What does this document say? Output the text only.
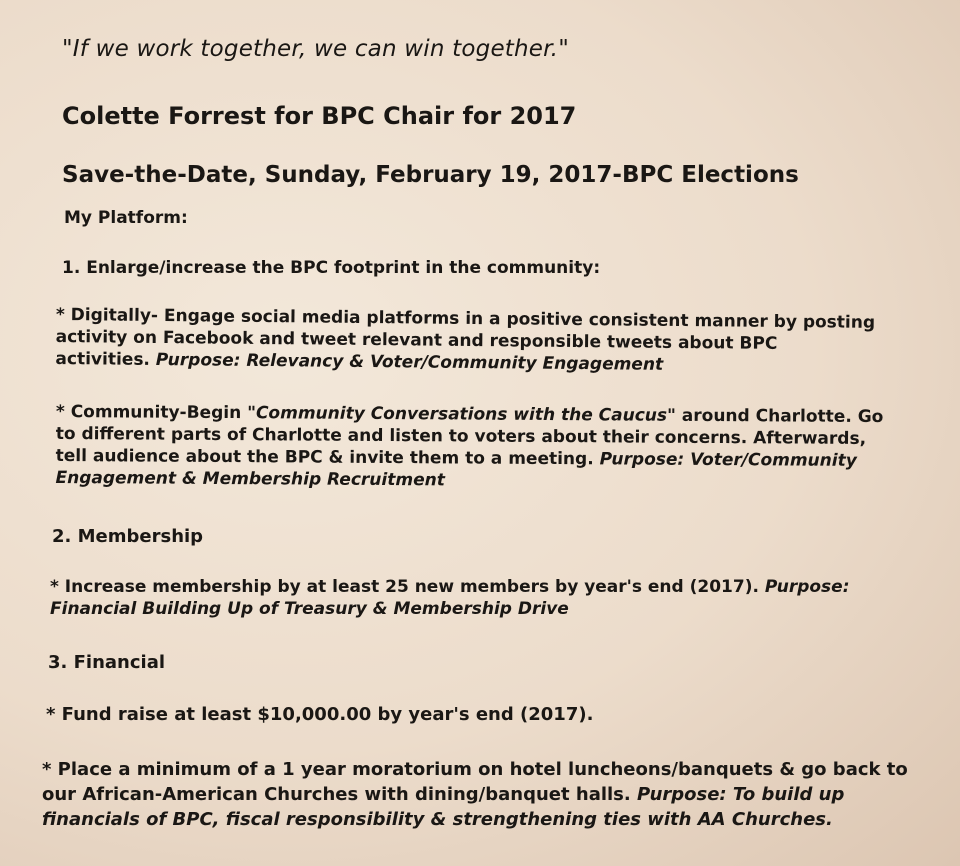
"If we work together, we can win together."
Colette Forrest for BPC Chair for 2017
Save-the-Date, Sunday, February 19, 2017-BPC Elections
My Platform:
1. Enlarge/increase the BPC footprint in the community:
* Digitally- Engage social media platforms in a positive consistent manner by posting
activity on Facebook and tweet relevant and responsible tweets about BPC
activities. Purpose: Relevancy & Voter/Community Engagement
* Community-Begin "Community Conversations with the Caucus" around Charlotte. Go
to different parts of Charlotte and listen to voters about their concerns. Afterwards,
tell audience about the BPC & invite them to a meeting. Purpose: Voter/Community
Engagement & Membership Recruitment
2. Membership
* Increase membership by at least 25 new members by year's end (2017). Purpose:
Financial Building Up of Treasury & Membership Drive
3. Financial
* Fund raise at least $10,000.00 by year's end (2017).
* Place a minimum of a 1 year moratorium on hotel luncheons/banquets & go back to
our African-American Churches with dining/banquet halls. Purpose: To build up
financials of BPC, fiscal responsibility & strengthening ties with AA Churches.
